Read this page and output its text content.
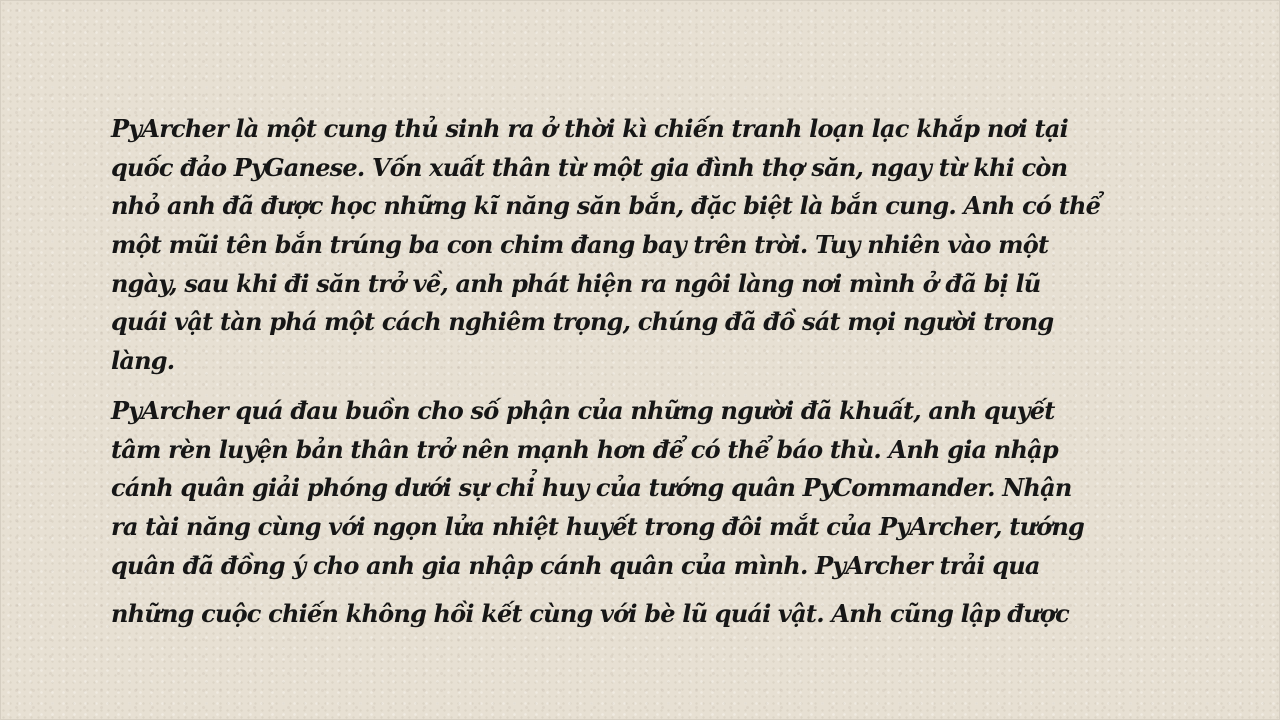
PyArcher là một cung thủ sinh ra ở thời kì chiến tranh loạn lạc khắp nơi tại
quốc đảo PyGanese. Vốn xuất thân từ một gia đình thợ săn, ngay từ khi còn
nhỏ anh đã được học những kĩ năng săn bắn, đặc biệt là bắn cung. Anh có thể
một mũi tên bắn trúng ba con chim đang bay trên trời. Tuy nhiên vào một
ngày, sau khi đi săn trở về, anh phát hiện ra ngôi làng nơi mình ở đã bị lũ
quái vật tàn phá một cách nghiêm trọng, chúng đã đồ sát mọi người trong
làng.
PyArcher quá đau buồn cho số phận của những người đã khuất, anh quyết
tâm rèn luyện bản thân trở nên mạnh hơn để có thể báo thù. Anh gia nhập
cánh quân giải phóng dưới sự chỉ huy của tướng quân PyCommander. Nhận
ra tài năng cùng với ngọn lửa nhiệt huyết trong đôi mắt của PyArcher, tướng
quân đã đồng ý cho anh gia nhập cánh quân của mình. PyArcher trải qua
những cuộc chiến không hồi kết cùng với bè lũ quái vật. Anh cũng lập được
